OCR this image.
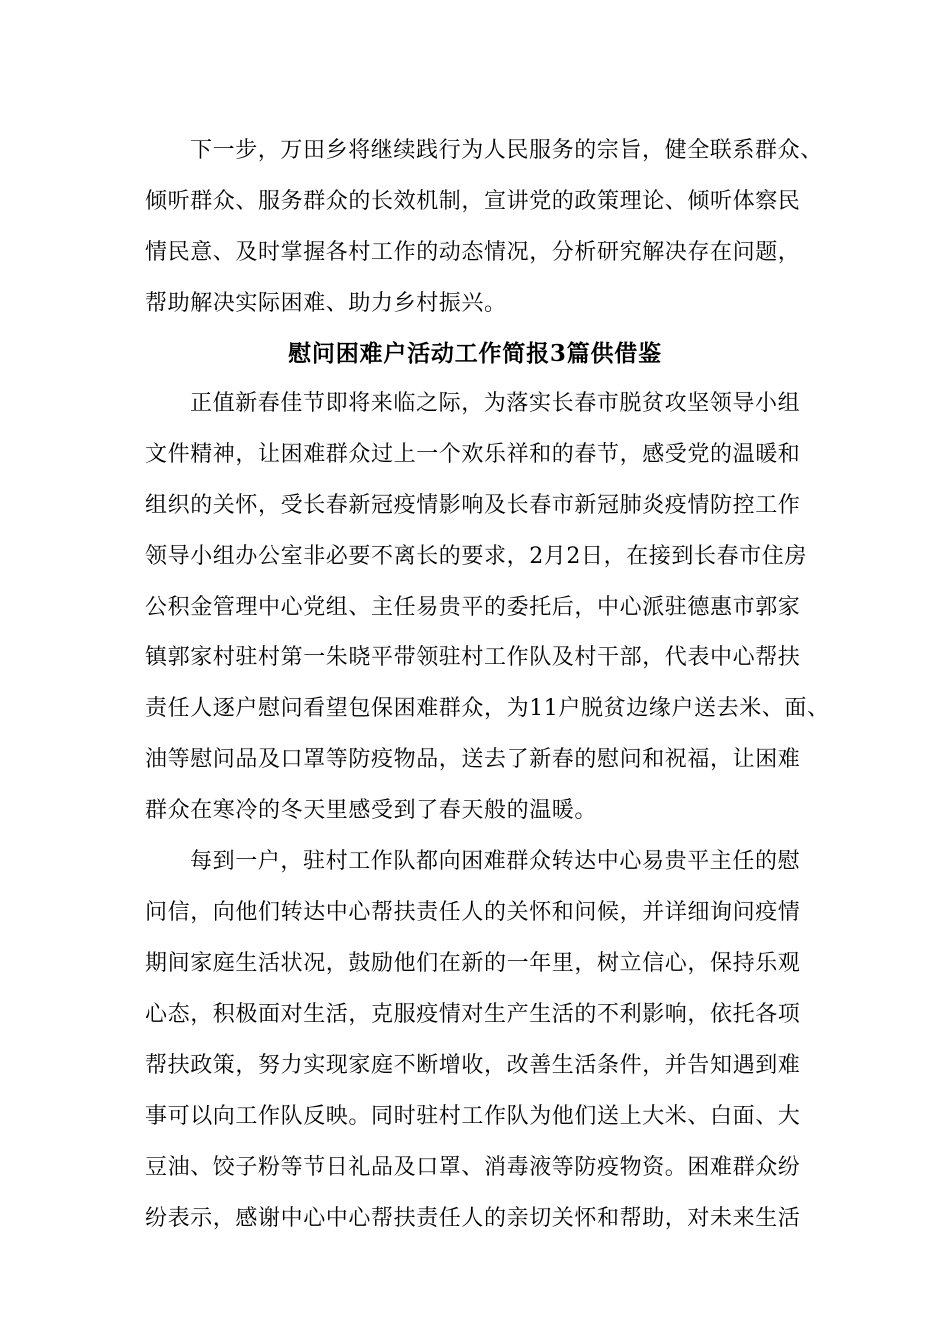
下一步，万田乡将继续践行为人民服务的宗旨，健全联系群众、
倾听群众、服务群众的长效机制，宣讲党的政策理论、倾听体察民
情民意、及时掌握各村工作的动态情况，分析研究解决存在问题，
帮助解决实际困难、助力乡村振兴。
慰问困难户活动工作简报3篇供借鉴
正值新春佳节即将来临之际，为落实长春市脱贫攻坚领导小组
文件精神，让困难群众过上一个欢乐祥和的春节，感受党的温暖和
组织的关怀，受长春新冠疫情影响及长春市新冠肺炎疫情防控工作
领导小组办公室非必要不离长的要求，2月2日，在接到长春市住房
公积金管理中心党组、主任易贵平的委托后，中心派驻德惠市郭家
镇郭家村驻村第一朱晓平带领驻村工作队及村干部，代表中心帮扶
责任人逐户慰问看望包保困难群众，为11户脱贫边缘户送去米、面、
油等慰问品及口罩等防疫物品，送去了新春的慰问和祝福，让困难
群众在寒冷的冬天里感受到了春天般的温暖。
每到一户，驻村工作队都向困难群众转达中心易贵平主任的慰
问信，向他们转达中心帮扶责任人的关怀和问候，并详细询问疫情
期间家庭生活状况，鼓励他们在新的一年里，树立信心，保持乐观
心态，积极面对生活，克服疫情对生产生活的不利影响，依托各项
帮扶政策，努力实现家庭不断增收，改善生活条件，并告知遇到难
事可以向工作队反映。同时驻村工作队为他们送上大米、白面、大
豆油、饺子粉等节日礼品及口罩、消毒液等防疫物资。困难群众纷
纷表示，感谢中心中心帮扶责任人的亲切关怀和帮助，对未来生活
